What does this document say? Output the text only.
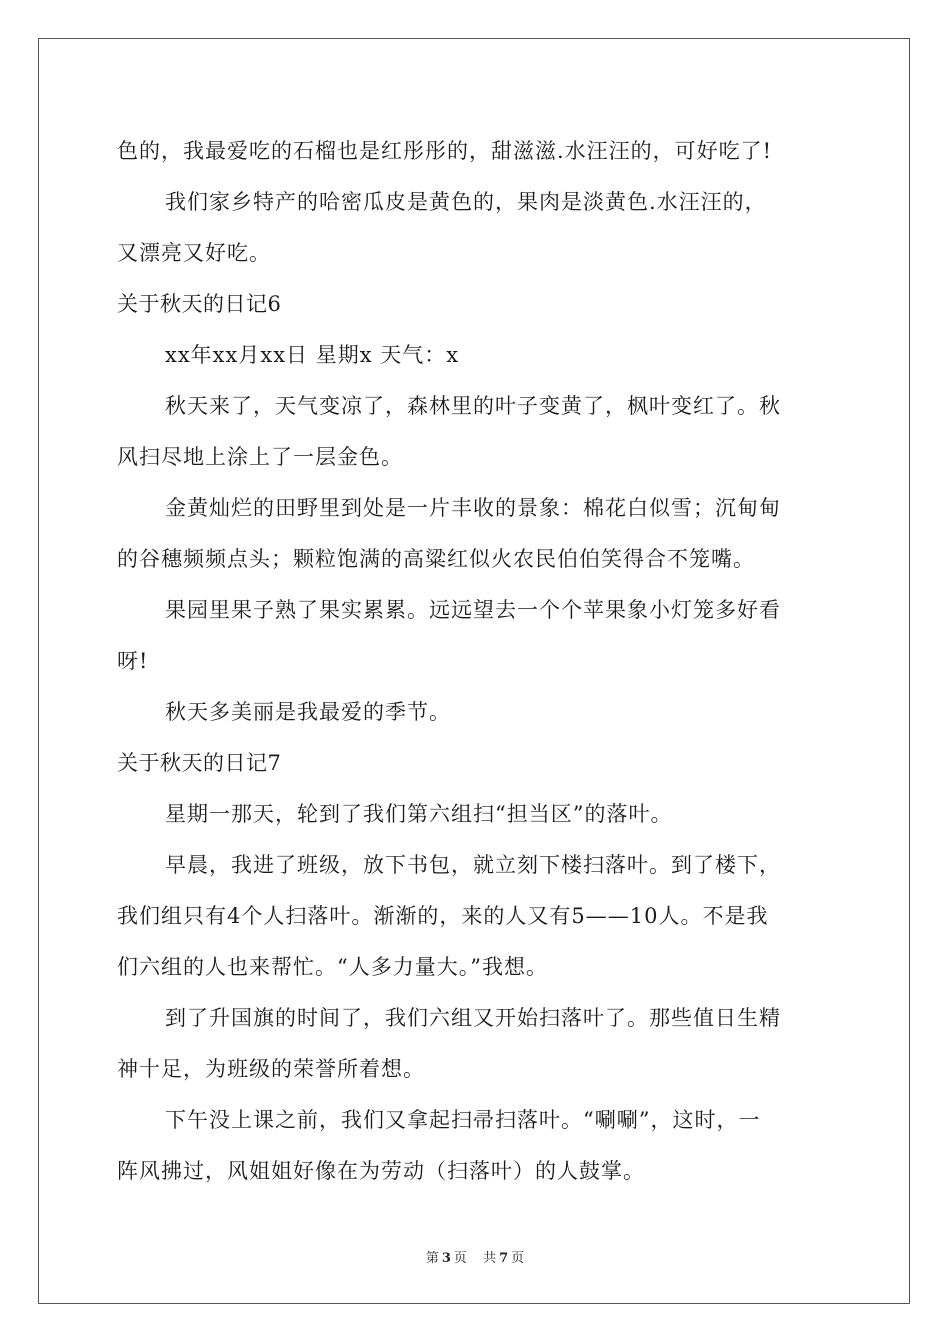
色的，我最爱吃的石榴也是红彤彤的，甜滋滋.水汪汪的，可好吃了!
我们家乡特产的哈密瓜皮是黄色的，果肉是淡黄色.水汪汪的，
又漂亮又好吃。
关于秋天的日记6
xx年xx月xx日 星期x 天气：x
秋天来了，天气变凉了，森林里的叶子变黄了，枫叶变红了。秋
风扫尽地上涂上了一层金色。
金黄灿烂的田野里到处是一片丰收的景象：棉花白似雪；沉甸甸
的谷穗频频点头；颗粒饱满的高粱红似火农民伯伯笑得合不笼嘴。
果园里果子熟了果实累累。远远望去一个个苹果象小灯笼多好看
呀!
秋天多美丽是我最爱的季节。
关于秋天的日记7
星期一那天，轮到了我们第六组扫“担当区”的落叶。
早晨，我进了班级，放下书包，就立刻下楼扫落叶。到了楼下，
我们组只有4个人扫落叶。渐渐的，来的人又有5——10人。不是我
们六组的人也来帮忙。“人多力量大。”我想。
到了升国旗的时间了，我们六组又开始扫落叶了。那些值日生精
神十足，为班级的荣誉所着想。
下午没上课之前，我们又拿起扫帚扫落叶。“唰唰”，这时，一
阵风拂过，风姐姐好像在为劳动（扫落叶）的人鼓掌。
第 3 页 共 7 页
